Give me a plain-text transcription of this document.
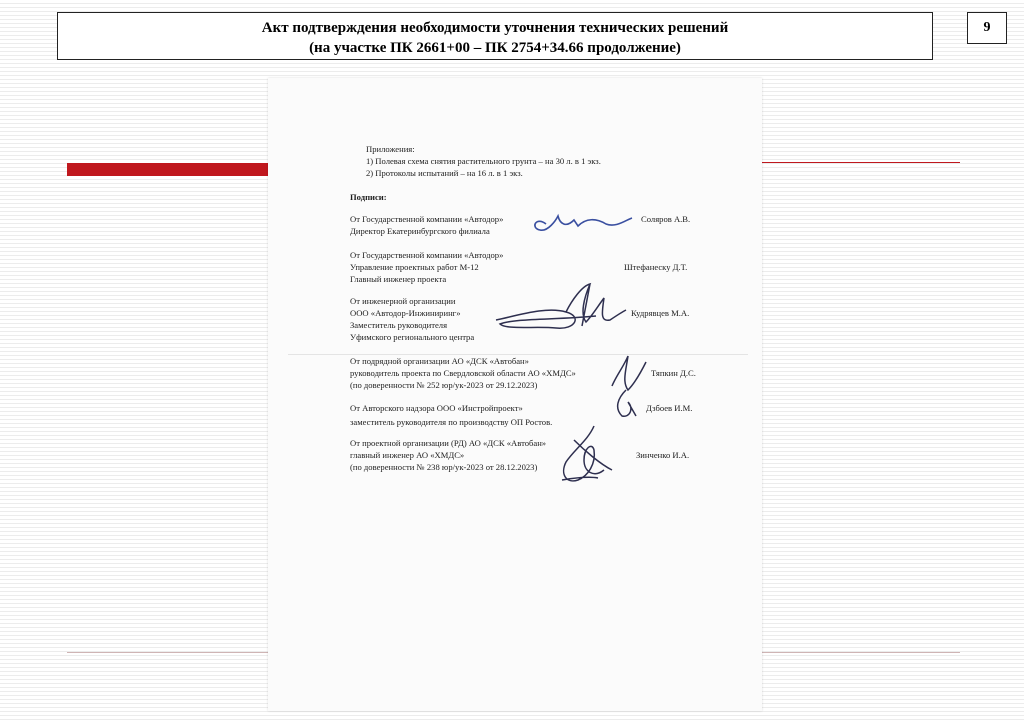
Акт подтверждения необходимости уточнения технических решений
(на участке ПК 2661+00 – ПК 2754+34.66 продолжение)
9
Приложения:
1) Полевая схема снятия растительного грунта – на 30 л. в 1 экз.
2) Протоколы испытаний – на 16 л. в 1 экз.
Подписи:
От Государственной компании «Автодор»
Директор Екатеринбургского филиала
Соляров А.В.
От Государственной компании «Автодор»
Управление проектных работ М-12
Главный инженер проекта
Штефанеску Д.Т.
От инженерной организации
ООО «Автодор-Инжиниринг»
Заместитель руководителя
Уфимского регионального центра
Кудрявцев М.А.
От подрядной организации АО «ДСК «Автобан»
руководитель проекта по Свердловской области АО «ХМДС»
(по доверенности № 252 юр/ук-2023 от 29.12.2023)
Тяпкин Д.С.
От Авторского надзора ООО «Инстройпроект»
заместитель руководителя по производству ОП Ростов.
Дзбоев И.М.
От проектной организации (РД) АО «ДСК «Автобан»
главный инженер АО «ХМДС»
(по доверенности № 238 юр/ук-2023 от 28.12.2023)
Зинченко И.А.
